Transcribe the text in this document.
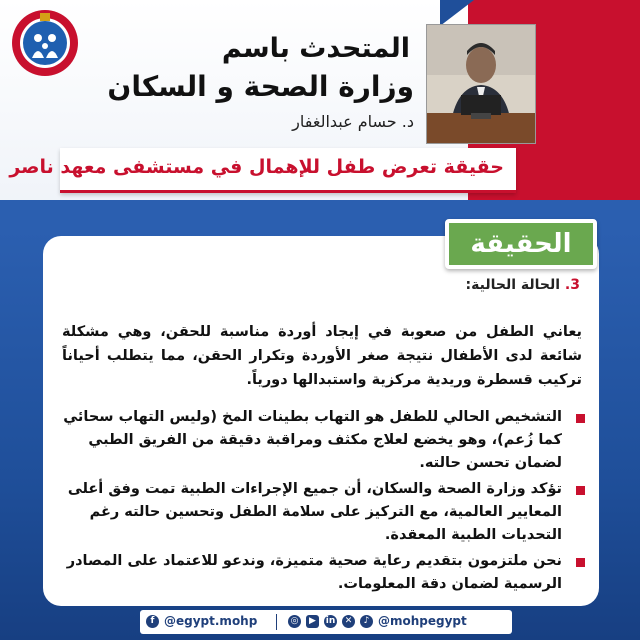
المتحدث باسم
وزارة الصحة و السكان
د. حسام عبدالغفار
حقيقة تعرض طفل للإهمال في مستشفى معهد ناصر
الحقيقة
3. الحالة الحالية:
يعاني الطفل من صعوبة في إيجاد أوردة مناسبة للحقن، وهي مشكلة شائعة لدى الأطفال نتيجة صغر الأوردة وتكرار الحقن، مما يتطلب أحياناً تركيب قسطرة وريدية مركزية واستبدالها دورياً.
التشخيص الحالي للطفل هو التهاب بطينات المخ (وليس التهاب سحائي كما زُعم)، وهو يخضع لعلاج مكثف ومراقبة دقيقة من الفريق الطبي لضمان تحسن حالته.
تؤكد وزارة الصحة والسكان، أن جميع الإجراءات الطبية تمت وفق أعلى المعايير العالمية، مع التركيز على سلامة الطفل وتحسين حالته رغم التحديات الطبية المعقدة.
نحن ملتزمون بتقديم رعاية صحية متميزة، وندعو للاعتماد على المصادر الرسمية لضمان دقة المعلومات.
f @egypt.mohp	◎	▶	in	✕	♪ @mohpegypt
